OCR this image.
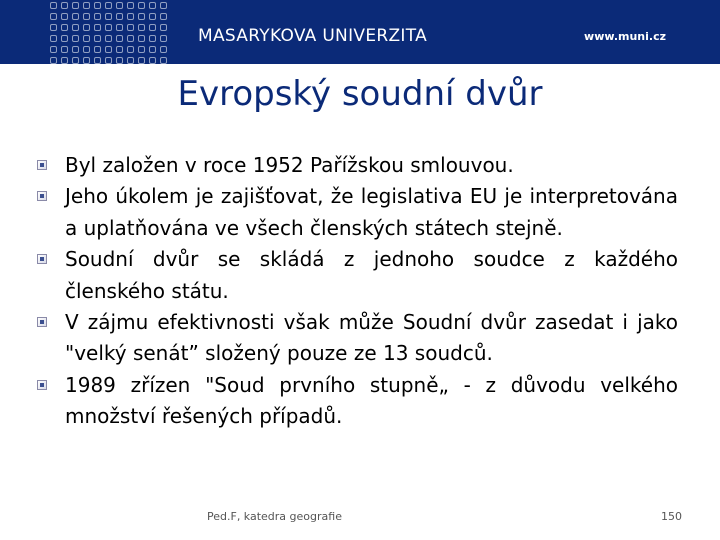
MASARYKOVA UNIVERZITA	www.muni.cz
Evropský soudní dvůr
Byl založen v roce 1952 Pařížskou smlouvou.
Jeho úkolem je zajišťovat, že legislativa EU je interpretována a uplatňována ve všech členských státech stejně.
Soudní dvůr se skládá z jednoho soudce z každého členského státu.
V zájmu efektivnosti však může Soudní dvůr zasedat i jako "velký senát” složený pouze ze 13 soudců.
1989 zřízen "Soud prvního stupně„ - z důvodu velkého množství řešených případů.
Ped.F, katedra geografie	150
